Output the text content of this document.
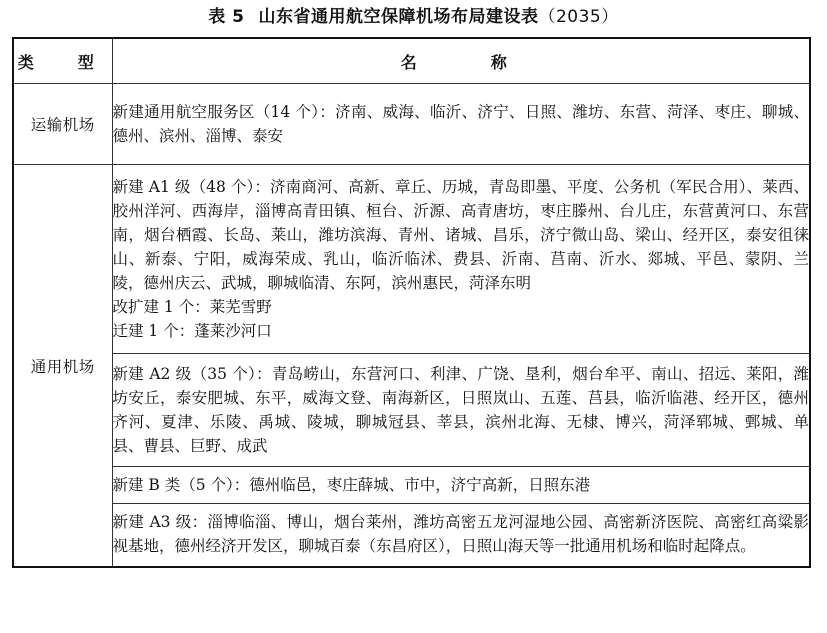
表 5 山东省通用航空保障机场布局建设表（2035）
类　型	名　　称
运输机场	新建通用航空服务区（14 个）：济南、威海、临沂、济宁、日照、潍坊、东营、菏泽、枣庄、聊城、德州、滨州、淄博、泰安

通用机场	新建 A1 级（48 个）：济南商河、高新、章丘、历城，青岛即墨、平度、公务机（军民合用）、莱西、胶州洋河、西海岸，淄博高青田镇、桓台、沂源、高青唐坊，枣庄滕州、台儿庄，东营黄河口、东营南，烟台栖霞、长岛、莱山，潍坊滨海、青州、诸城、昌乐，济宁微山岛、梁山、经开区，泰安徂徕山、新泰、宁阳，威海荣成、乳山，临沂临沭、费县、沂南、莒南、沂水、郯城、平邑、蒙阴、兰陵，德州庆云、武城，聊城临清、东阿，滨州惠民，菏泽东明

改扩建 1 个：莱芜雪野

迁建 1 个：蓬莱沙河口

	新建 A2 级（35 个）：青岛崂山，东营河口、利津、广饶、垦利，烟台牟平、南山、招远、莱阳，潍坊安丘，泰安肥城、东平，威海文登、南海新区，日照岚山、五莲、莒县，临沂临港、经开区，德州齐河、夏津、乐陵、禹城、陵城，聊城冠县、莘县，滨州北海、无棣、博兴，菏泽郓城、鄄城、单县、曹县、巨野、成武

	新建 B 类（5 个）：德州临邑，枣庄薛城、市中，济宁高新，日照东港

	新建 A3 级：淄博临淄、博山，烟台莱州，潍坊高密五龙河湿地公园、高密新济医院、高密红高粱影视基地，德州经济开发区，聊城百泰（东昌府区），日照山海天等一批通用机场和临时起降点。
